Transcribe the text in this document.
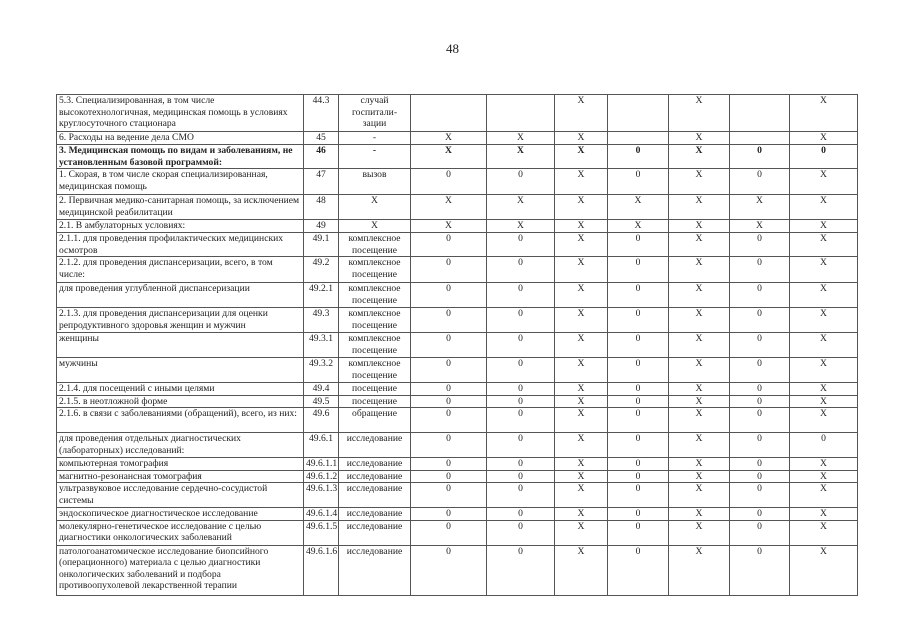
48
5.3. Специализированная, в том числе высокотехнологичная, медицинская помощь в условиях круглосуточного стационара	44.3	случай госпитали-зации			X		X		X
6. Расходы на ведение дела СМО	45	-	X	X	X		X		X
3. Медицинская помощь по видам и заболеваниям, не установленным базовой программой:	46	-	X	X	X	0	X	0	0
1. Скорая, в том числе скорая специализированная, медицинская помощь	47	вызов	0	0	X	0	X	0	X
2. Первичная медико-санитарная помощь, за исключением медицинской реабилитации	48	X	X	X	X	X	X	X	X
2.1. В амбулаторных условиях:	49	X	X	X	X	X	X	X	X
2.1.1. для проведения профилактических медицинских осмотров	49.1	комплексное посещение	0	0	X	0	X	0	X
2.1.2. для проведения диспансеризации, всего, в том числе:	49.2	комплексное посещение	0	0	X	0	X	0	X
для проведения углубленной диспансеризации	49.2.1	комплексное посещение	0	0	X	0	X	0	X
2.1.3. для проведения диспансеризации для оценки репродуктивного здоровья женщин и мужчин	49.3	комплексное посещение	0	0	X	0	X	0	X
женщины	49.3.1	комплексное посещение	0	0	X	0	X	0	X
мужчины	49.3.2	комплексное посещение	0	0	X	0	X	0	X
2.1.4. для посещений с иными целями	49.4	посещение	0	0	X	0	X	0	X
2.1.5. в неотложной форме	49.5	посещение	0	0	X	0	X	0	X
2.1.6. в связи с заболеваниями (обращений), всего, из них:	49.6	обращение	0	0	X	0	X	0	X
для проведения отдельных диагностических (лабораторных) исследований:	49.6.1	исследование	0	0	X	0	X	0	0
компьютерная томография	49.6.1.1	исследование	0	0	X	0	X	0	X
магнитно-резонансная томография	49.6.1.2	исследование	0	0	X	0	X	0	X
ультразвуковое исследование сердечно-сосудистой системы	49.6.1.3	исследование	0	0	X	0	X	0	X
эндоскопическое диагностическое исследование	49.6.1.4	исследование	0	0	X	0	X	0	X
молекулярно-генетическое исследование с целью диагностики онкологических заболеваний	49.6.1.5	исследование	0	0	X	0	X	0	X
патологоанатомическое исследование биопсийного (операционного) материала с целью диагностики онкологических заболеваний и подбора противоопухолевой лекарственной терапии	49.6.1.6	исследование	0	0	X	0	X	0	X
